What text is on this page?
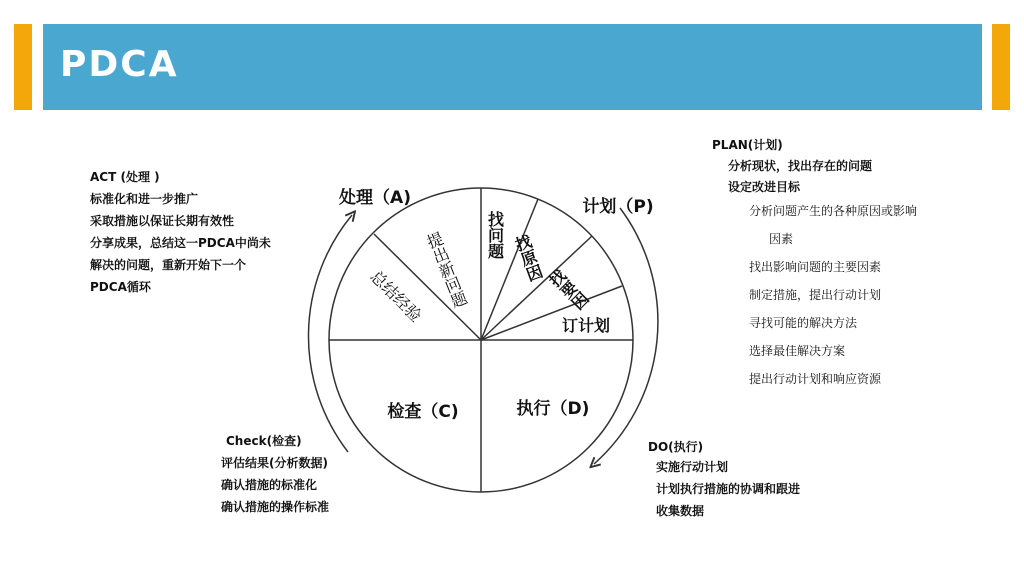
PDCA
处理（A)	计划（P)
检查（C)	执行（D)
找问题 找原因
找要因
订计划
提出新问题
总结经验
ACT (处理 )
标准化和进一步推广
采取措施以保证长期有效性
分享成果，总结这一PDCA中尚未
解决的问题，重新开始下一个
PDCA循环
PLAN(计划)
分析现状，找出存在的问题
设定改进目标
分析问题产生的各种原因或影响
因素
找出影响问题的主要因素
制定措施，提出行动计划
寻找可能的解决方法
选择最佳解决方案
提出行动计划和响应资源
Check(检查)
评估结果(分析数据)
确认措施的标准化
确认措施的操作标准
DO(执行)
实施行动计划
计划执行措施的协调和跟进
收集数据
